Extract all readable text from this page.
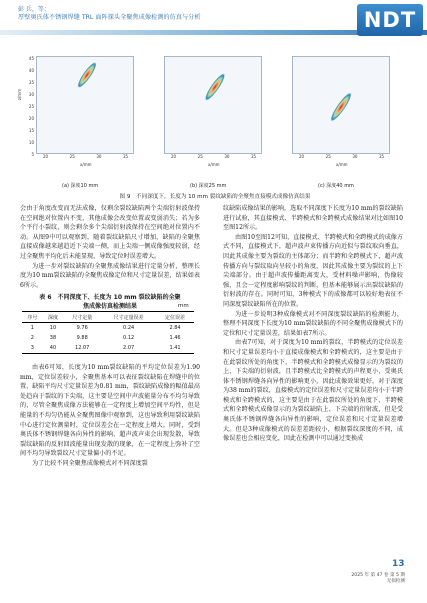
彭 兵，等：
厚壁奥氏体不锈钢焊缝 TRL 面阵探头全聚焦成像检测的仿真与分析	NDT
45
40
35
30
25
20
15
10
5
z/mm
20	25	30	35	20	25	30	35	20	25	30	35
x/mm	x/mm	x/mm
(a) 深度10 mm	(b) 深度25 mm	(c) 深度40 mm
图 9　不同深度下，长度为 10 mm 裂纹缺陷的全聚焦直接模式成像仿真结果

会由于角度改变而无法成像，仅剩余裂纹缺陷两个尖端衍射波保持在空间绝对位置内不变，其他成像会改变位置或变弱消失；若为多个平行小裂纹，则会剩余多个尖端衍射波保持在空间绝对位置内不动。从图9中可以观察到，随着裂纹缺陷尺寸增加，缺陷的全聚焦直接成像越来越趋近下尖端一侧，而上尖端一侧成像强度较弱，经过全聚焦平均化后未能显现，导致定位时误差增大。

为进一步对裂纹缺陷的全聚焦成像结果进行定量分析，整理长度为10 mm裂纹缺陷的全聚焦成像定位和尺寸定量误差，结果如表6所示。

表 6　不同深度下、长度为 10 mm 裂纹缺陷的全聚
焦成像仿真检测结果	mm
序号	深度	尺寸定量	尺寸定量误差	定位误差
1	10	9.76	0.24	2.84
2	38	9.88	0.12	1.46
3	40	12.07	2.07	1.41

由表6可知，长度为10 mm裂纹缺陷的平均定位误差为1.90 mm，定位误差较小，全聚焦基本可以表征裂纹缺陷在焊缝中的位置，缺陷平均尺寸定量误差为0.81 mm，裂纹缺陷成像的幅值最高处趋向于裂纹的下尖端，这主要是空间中声波能量分布不均匀导致的，尽管全聚焦成像方法能够在一定程度上增加空间平均性，但是能量的不均匀仍能从全聚焦图像中观察到，这也导致利用裂纹缺陷中心进行定位测量时，定位误差会在一定程度上增大。同时，受到奥氏体不锈钢焊缝各向异性的影响，超声波声束会出现发散，导致裂纹缺陷的反射回波能量出现发散的现象，在一定程度上弥补了空间不均匀导致裂纹尺寸定量偏小的不足。

为了比较不同全聚焦成像模式对不同深度裂

纹缺陷成像结果的影响，选取不同深度下长度为10 mm的裂纹缺陷进行试验，其直接模式、半跨模式和全跨模式成像结果对比如图10至图12所示。

由图10至图12可知，直接模式、半跨模式和全跨模式的成像方式不同，直接模式下，超声波声束传播方向近似与裂纹取向垂直，因此其成像主要为裂纹的主体部分；而半跨和全跨模式下，超声波传播方向与裂纹取向呈较小的角度，因此其成像主要为裂纹的上下尖端部分。由于超声波传播距离变大，受材料噪声影响，伪像较强，且会一定程度影响裂纹的判断，但基本能够展示出裂纹缺陷的衍射波的存在。同时可知，3种模式下的成像都可以较好地表征不同深度裂纹缺陷所在的位置。

为进一步说明3种成像模式对不同深度裂纹缺陷的检测能力，整理不同深度下长度为10 mm裂纹缺陷的不同全聚焦成像模式下的定位和尺寸定量误差，结果如表7所示。

由表7可知，对于深度为10 mm的裂纹，半跨模式的定位误差和尺寸定量误差均小于直接成像模式和全跨模式的，这主要是由于在此裂纹所处的角度下，半跨模式和全跨模式成像显示的为裂纹的上、下尖端的衍射波，且半跨模式比全跨模式的声程更小，受奥氏体不锈钢焊缝各向异性的影响更小，因此成像效果更好。对于深度为38 mm的裂纹，直接模式的定位误差和尺寸定量误差均小于半跨模式和全跨模式的，这主要是由于在此裂纹所处的角度下，半跨模式和全跨模式成像显示的为裂纹缺陷上、下尖端的衍射波，但是受奥氏体不锈钢焊缝各向异性的影响，定位误差和尺寸定量误差增大。但是3种成像模式的误差差距较小，根据裂纹深度的不同，成像误差也会相应变化，因此在检测中可以通过变换成

13
2025 年 第 47 卷 第 5 期
无损检测
